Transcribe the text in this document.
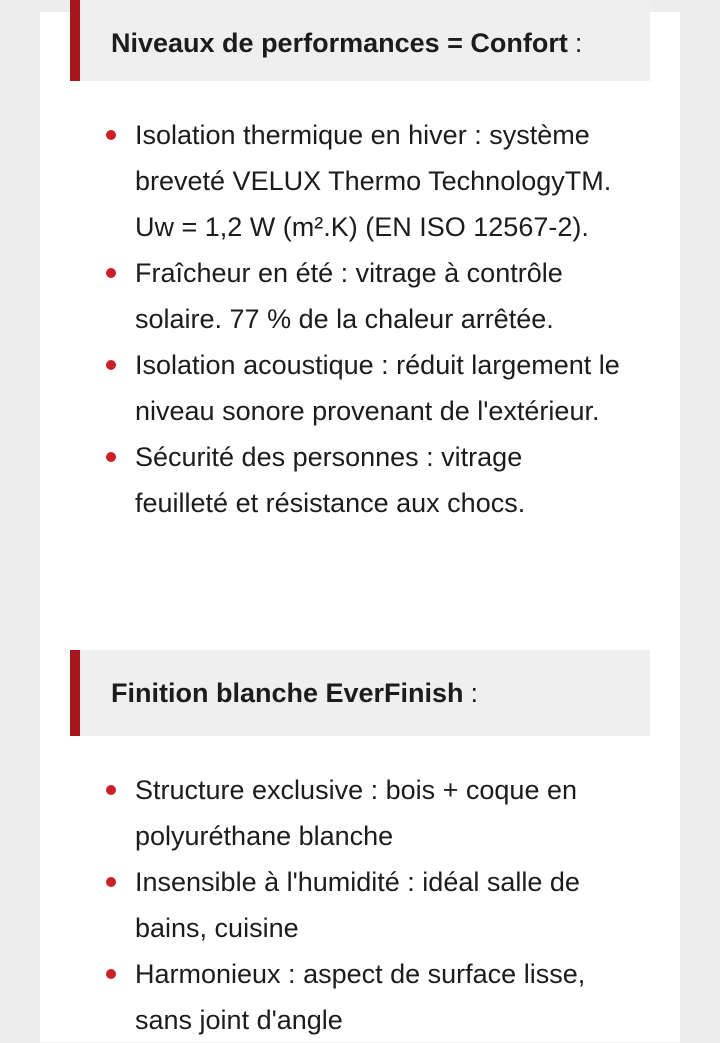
Niveaux de performances = Confort :
Isolation thermique en hiver : système breveté VELUX Thermo TechnologyTM. Uw = 1,2 W (m².K) (EN ISO 12567-2).
Fraîcheur en été : vitrage à contrôle solaire. 77 % de la chaleur arrêtée.
Isolation acoustique : réduit largement le niveau sonore provenant de l'extérieur.
Sécurité des personnes : vitrage feuilleté et résistance aux chocs.
Finition blanche EverFinish :
Structure exclusive : bois + coque en polyuréthane blanche
Insensible à l'humidité : idéal salle de bains, cuisine
Harmonieux : aspect de surface lisse, sans joint d'angle
